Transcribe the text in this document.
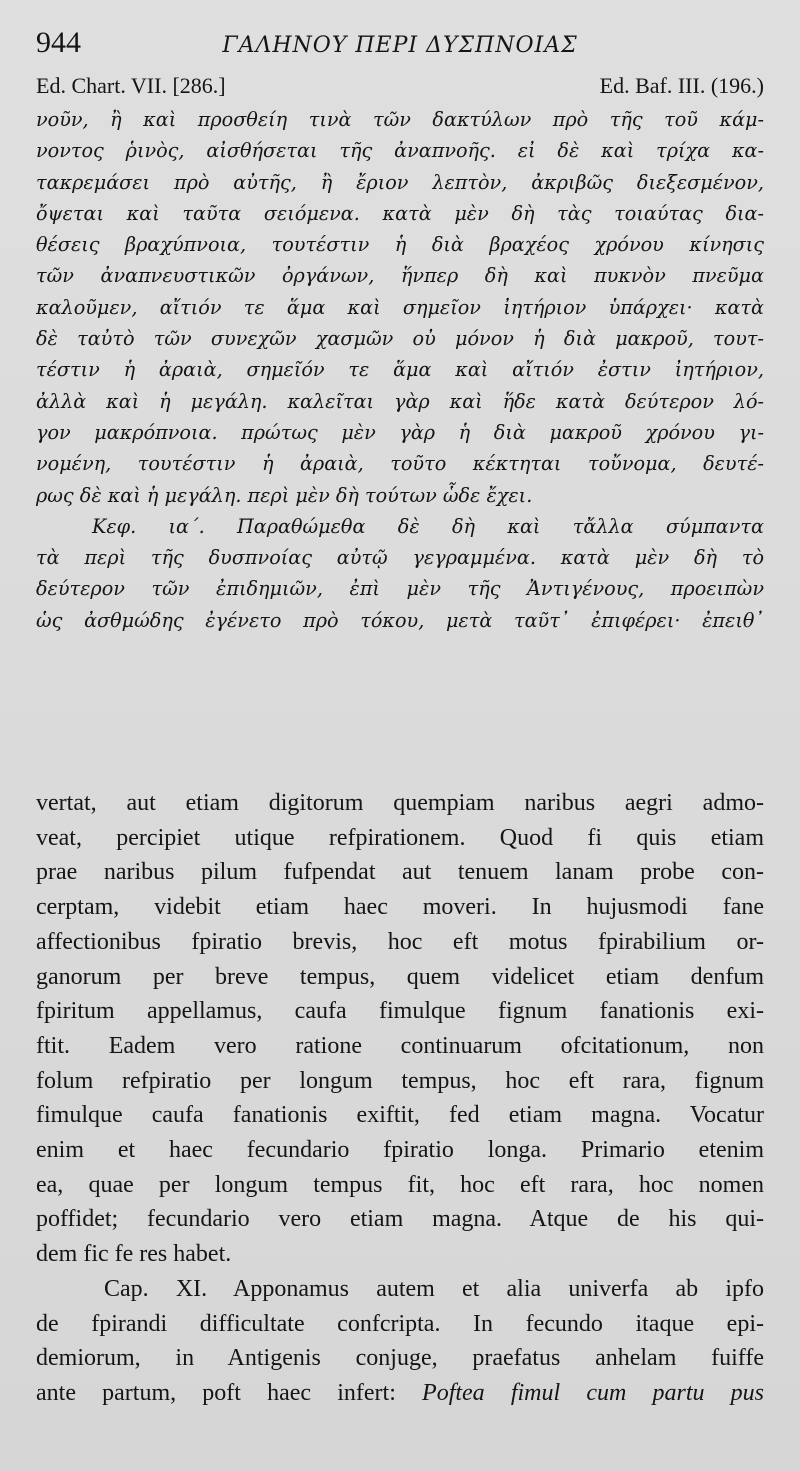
944	ΓΑΛΗΝΟΥ ΠΕΡΙ ΔΥΣΠΝΟΙΑΣ
Ed. Chart. VII. [286.]	Ed. Baf. III. (196.)
νοῦν, ἢ καὶ προσθείη τινὰ τῶν δακτύλων πρὸ τῆς τοῦ κάμ-
νοντος ῥινὸς, αἰσθήσεται τῆς ἀναπνοῆς. εἰ δὲ καὶ τρίχα κα-
τακρεμάσει πρὸ αὐτῆς, ἢ ἔριον λεπτὸν, ἀκριβῶς διεξεσμένον,
ὄψεται καὶ ταῦτα σειόμενα. κατὰ μὲν δὴ τὰς τοιαύτας δια-
θέσεις βραχύπνοια, τουτέστιν ἡ διὰ βραχέος χρόνου κίνησις
τῶν ἀναπνευστικῶν ὀργάνων, ἥνπερ δὴ καὶ πυκνὸν πνεῦμα
καλοῦμεν, αἴτιόν τε ἅμα καὶ σημεῖον ἰητήριον ὑπάρχει· κατὰ
δὲ ταὐτὸ τῶν συνεχῶν χασμῶν οὐ μόνον ἡ διὰ μακροῦ, τουτ-
τέστιν ἡ ἀραιὰ, σημεῖόν τε ἅμα καὶ αἴτιόν ἐστιν ἰητήριον,
ἀλλὰ καὶ ἡ μεγάλη. καλεῖται γὰρ καὶ ἥδε κατὰ δεύτερον λό-
γον μακρόπνοια. πρώτως μὲν γὰρ ἡ διὰ μακροῦ χρόνου γι-
νομένη, τουτέστιν ἡ ἀραιὰ, τοῦτο κέκτηται τοὔνομα, δευτέ-
ρως δὲ καὶ ἡ μεγάλη. περὶ μὲν δὴ τούτων ὧδε ἔχει.
Κεφ. ια΄. Παραθώμεθα δὲ δὴ καὶ τἄλλα σύμπαντα
τὰ περὶ τῆς δυσπνοίας αὐτῷ γεγραμμένα. κατὰ μὲν δὴ τὸ
δεύτερον τῶν ἐπιδημιῶν, ἐπὶ μὲν τῆς Ἀντιγένους, προειπὼν
ὡς ἀσθμώδης ἐγένετο πρὸ τόκου, μετὰ ταῦτ᾽ ἐπιφέρει· ἐπειθ᾽
vertat, aut etiam digitorum quempiam naribus aegri admo-
veat, percipiet utique refpirationem. Quod fi quis etiam
prae naribus pilum fufpendat aut tenuem lanam probe con-
cerptam, videbit etiam haec moveri. In hujusmodi fane
affectionibus fpiratio brevis, hoc eft motus fpirabilium or-
ganorum per breve tempus, quem videlicet etiam denfum
fpiritum appellamus, caufa fimulque fignum fanationis exi-
ftit. Eadem vero ratione continuarum ofcitationum, non
folum refpiratio per longum tempus, hoc eft rara, fignum
fimulque caufa fanationis exiftit, fed etiam magna. Vocatur
enim et haec fecundario fpiratio longa. Primario etenim
ea, quae per longum tempus fit, hoc eft rara, hoc nomen
poffidet; fecundario vero etiam magna. Atque de his qui-
dem fic fe res habet.
Cap. XI. Apponamus autem et alia univerfa ab ipfo
de fpirandi difficultate confcripta. In fecundo itaque epi-
demiorum, in Antigenis conjuge, praefatus anhelam fuiffe
ante partum, poft haec infert: Poftea fimul cum partu pus
